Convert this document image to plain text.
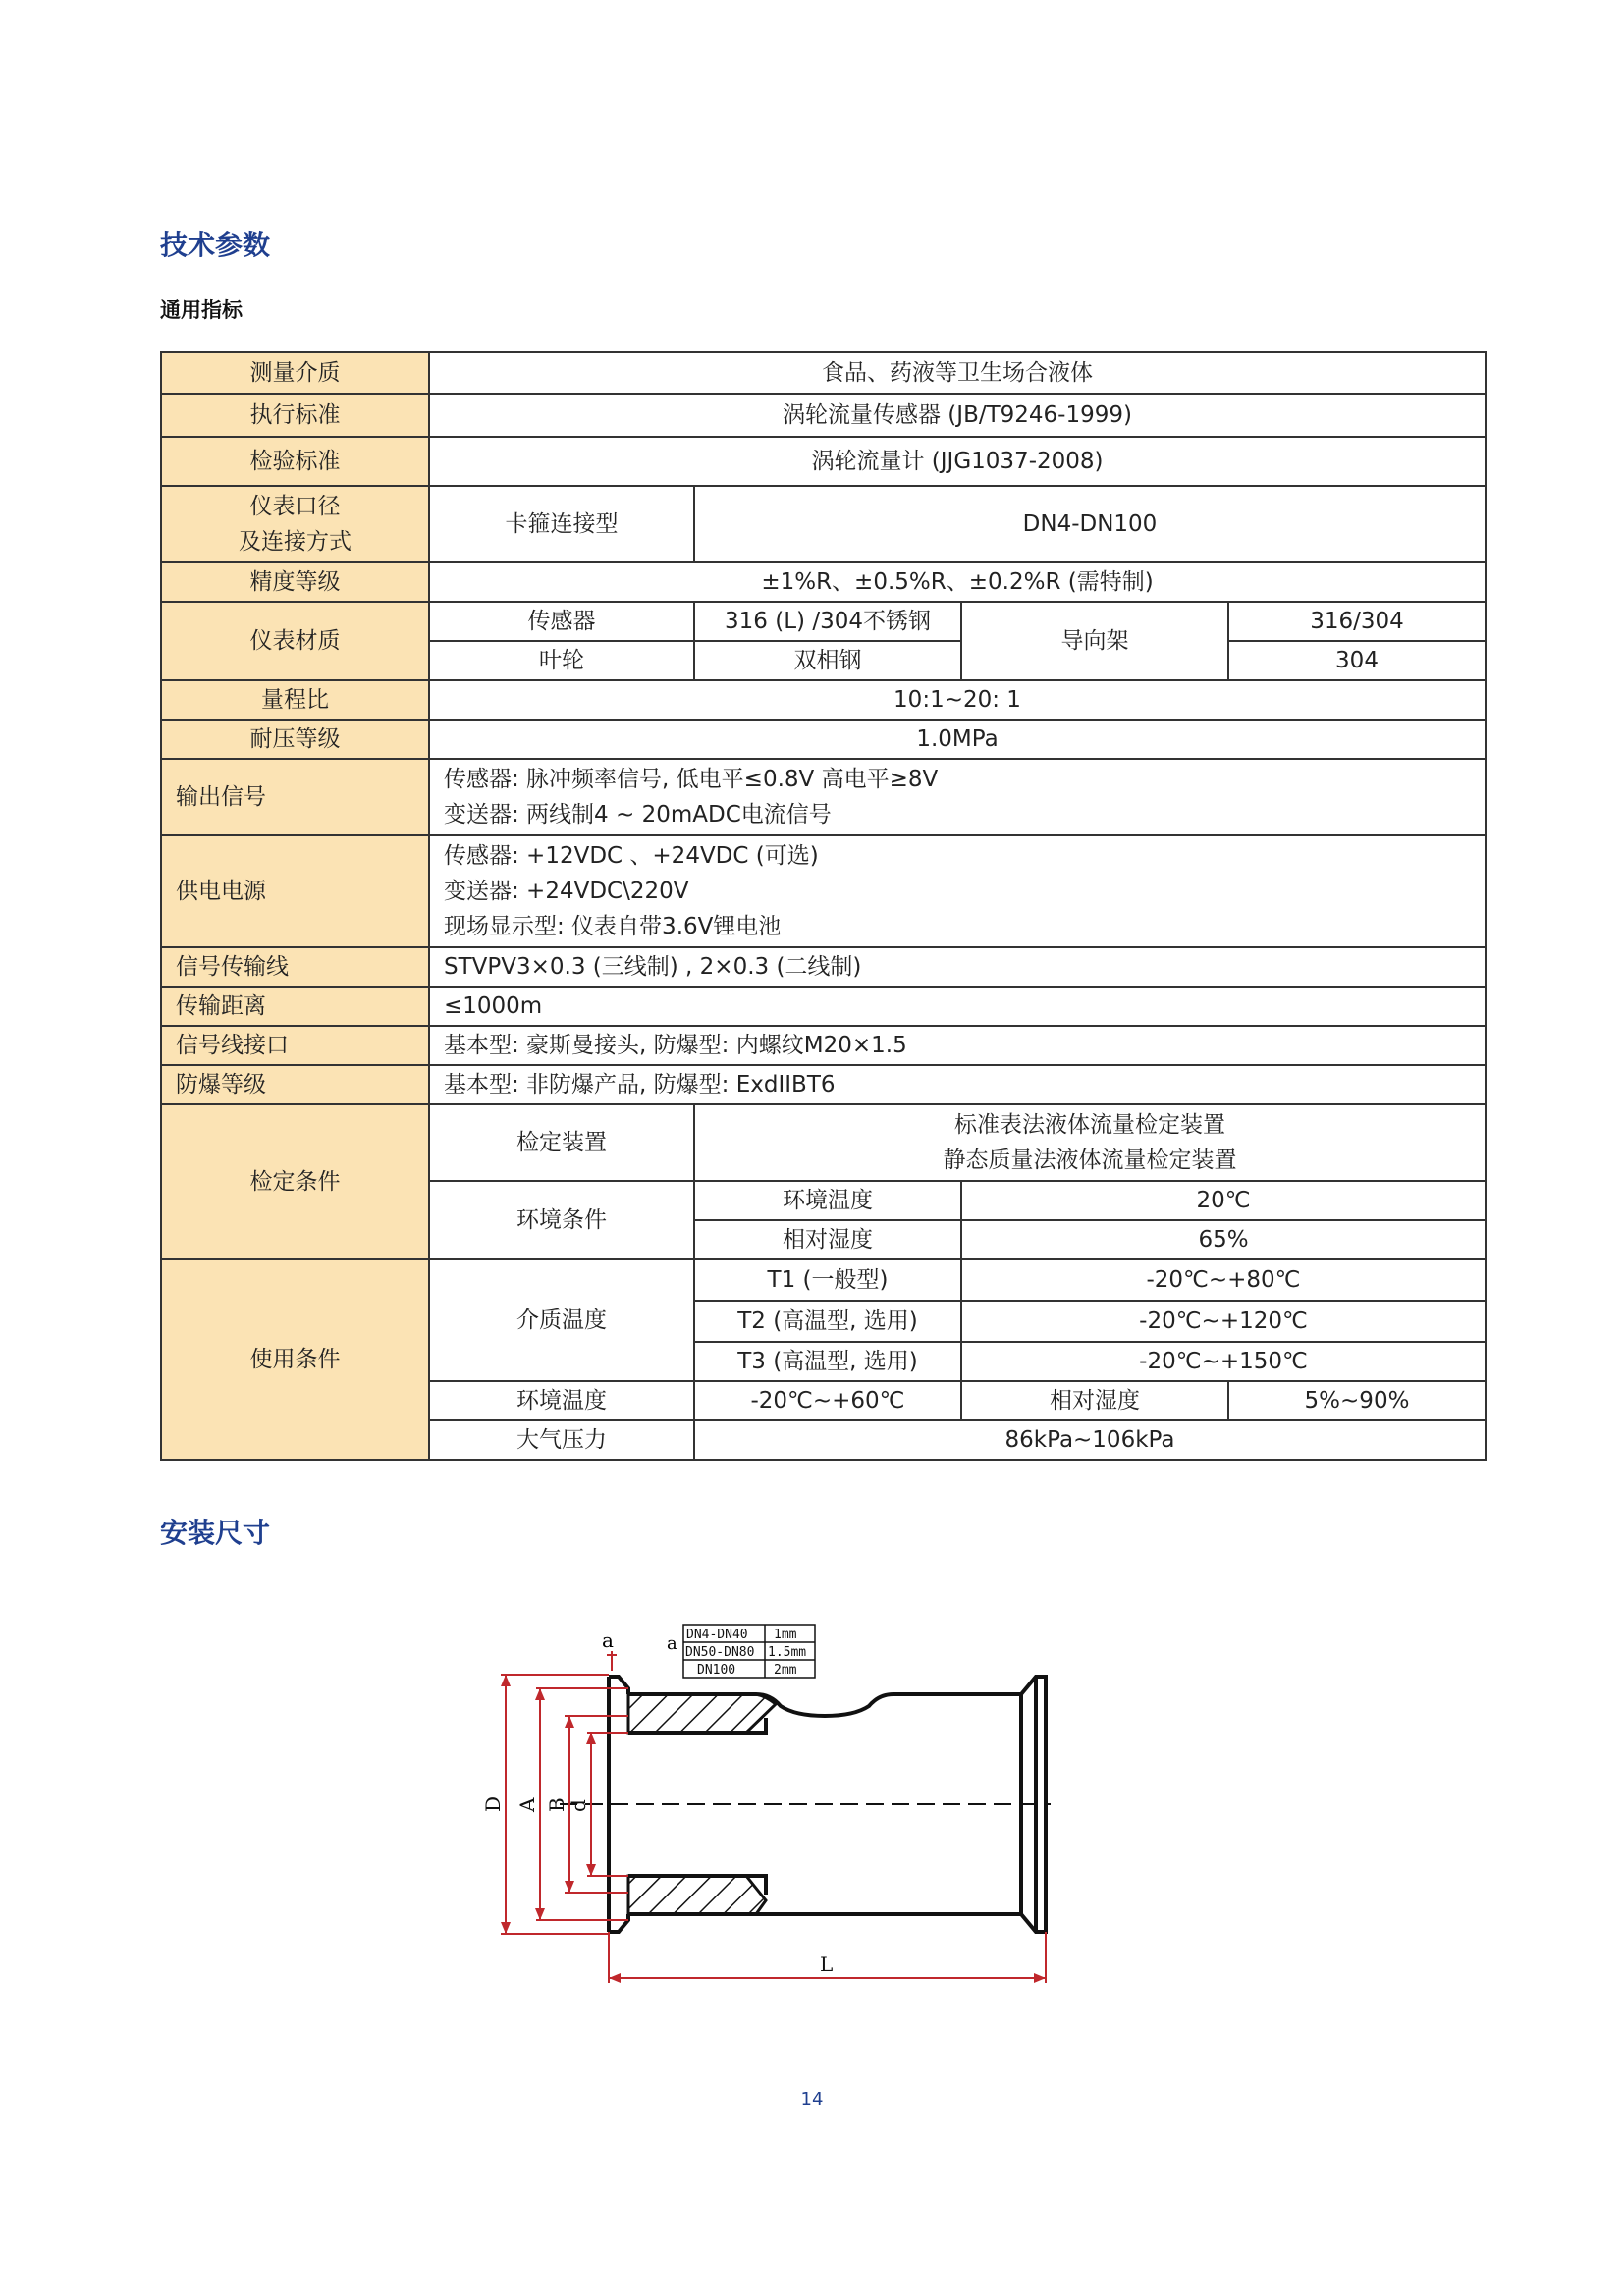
技术参数
通用指标
测量介质	食品、药液等卫生场合液体			
执行标准	涡轮流量传感器 (JB/T9246-1999)			
检验标准	涡轮流量计 (JJG1037-2008)			

仪表口径
及连接方式	卡箍连接型	DN4-DN100		
精度等级	±1%R、±0.5%R、±0.2%R (需特制)			
仪表材质	传感器	316 (L) /304不锈钢	导向架	316/304
	叶轮	双相钢		304
量程比	10:1~20: 1			
耐压等级	1.0MPa			
输出信号	传感器: 脉冲频率信号, 低电平≤0.8V 高电平≥8V
变送器: 两线制4 ~ 20mADC电流信号			

供电电源	传感器: +12VDC 、+24VDC (可选)
变送器: +24VDC\220V
现场显示型: 仪表自带3.6V锂电池			

信号传输线	STVPV3×0.3 (三线制) , 2×0.3 (二线制)			
传输距离	≤1000m			
信号线接口	基本型: 豪斯曼接头, 防爆型: 内螺纹M20×1.5			
防爆等级	基本型: 非防爆产品, 防爆型: ExdIIBT6			
检定条件	检定装置	标准表法液体流量检定装置
静态质量法液体流量检定装置		

	环境条件	环境温度	20℃	
		相对湿度	65%	
使用条件	介质温度	T1 (一般型)	-20℃~+80℃	
		T2 (高温型, 选用)	-20℃~+120℃	
		T3 (高温型, 选用)	-20℃~+150℃	
	环境温度	-20℃~+60℃	相对湿度	5%~90%
	大气压力	86kPa~106kPa		
安装尺寸
a	a DN4-DN40 1mm
DN50-DN80 1.5mm
DN100	2mm
D A B
d
L
14
